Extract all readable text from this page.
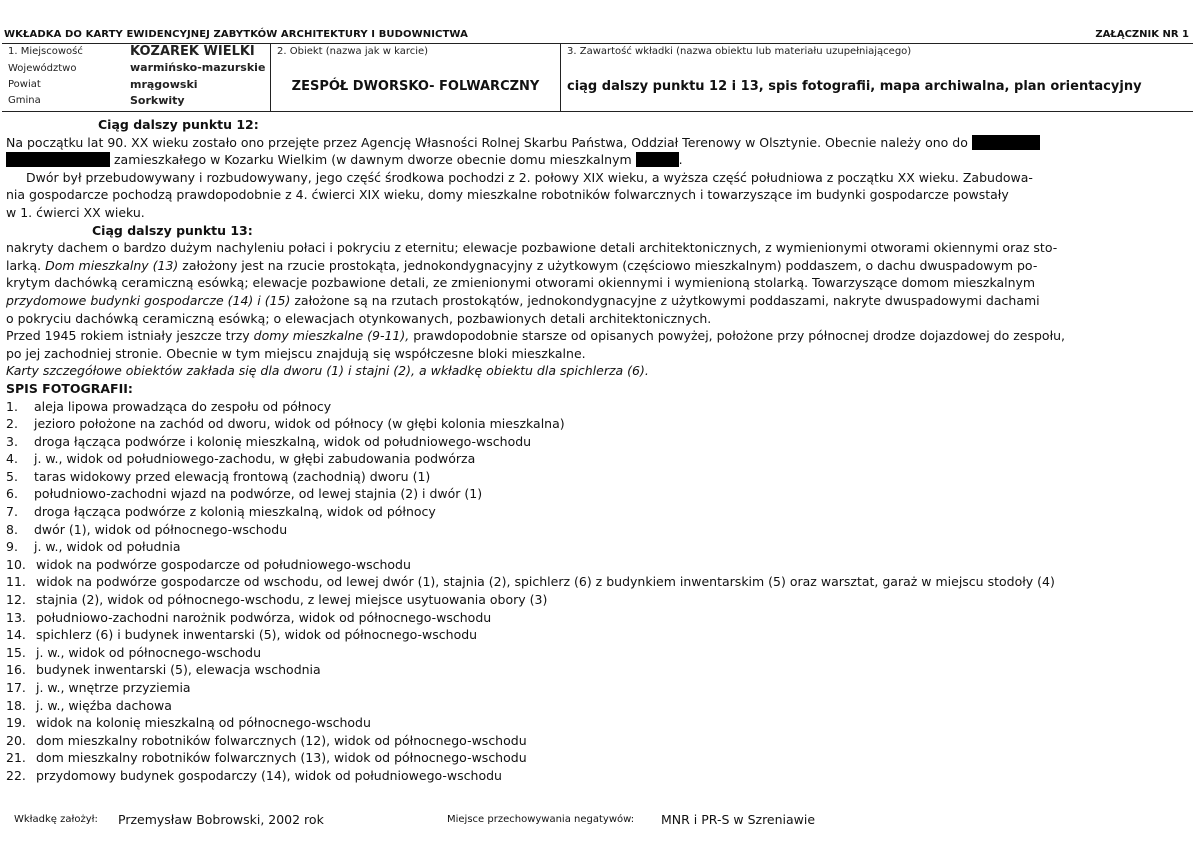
WKŁADKA DO KARTY EWIDENCYJNEJ ZABYTKÓW ARCHITEKTURY I BUDOWNICTWA	ZAŁĄCZNIK NR 1
1. Miejscowość	KOZAREK WIELKI
Województwo	warmińsko-mazurskie
Powiat	mrągowski
Gmina	Sorkwity
2. Obiekt (nazwa jak w karcie)
ZESPÓŁ DWORSKO- FOLWARCZNY
3. Zawartość wkładki (nazwa obiektu lub materiału uzupełniającego)
ciąg dalszy punktu 12 i 13, spis fotografii, mapa archiwalna, plan orientacyjny

Ciąg dalszy punktu 12:

Na początku lat 90. XX wieku zostało ono przejęte przez Agencję Własności Rolnej Skarbu Państwa, Oddział Terenowy w Olsztynie. Obecnie należy ono do

zamieszkałego w Kozarku Wielkim (w dawnym dworze obecnie domu mieszkalnym	.

Dwór był przebudowywany i rozbudowywany, jego część środkowa pochodzi z 2. połowy XIX wieku, a wyższa część południowa z początku XX wieku. Zabudowa-

nia gospodarcze pochodzą prawdopodobnie z 4. ćwierci XIX wieku, domy mieszkalne robotników folwarcznych i towarzyszące im budynki gospodarcze powstały

w 1. ćwierci XX wieku.

Ciąg dalszy punktu 13:

nakryty dachem o bardzo dużym nachyleniu połaci i pokryciu z eternitu; elewacje pozbawione detali architektonicznych, z wymienionymi otworami okiennymi oraz sto-

larką. Dom mieszkalny (13) założony jest na rzucie prostokąta, jednokondygnacyjny z użytkowym (częściowo mieszkalnym) poddaszem, o dachu dwuspadowym po-

krytym dachówką ceramiczną esówką; elewacje pozbawione detali, ze zmienionymi otworami okiennymi i wymienioną stolarką. Towarzyszące domom mieszkalnym

przydomowe budynki gospodarcze (14) i (15) założone są na rzutach prostokątów, jednokondygnacyjne z użytkowymi poddaszami, nakryte dwuspadowymi dachami

o pokryciu dachówką ceramiczną esówką; o elewacjach otynkowanych, pozbawionych detali architektonicznych.

Przed 1945 rokiem istniały jeszcze trzy domy mieszkalne (9-11), prawdopodobnie starsze od opisanych powyżej, położone przy północnej drodze dojazdowej do zespołu,

po jej zachodniej stronie. Obecnie w tym miejscu znajdują się współczesne bloki mieszkalne.

Karty szczegółowe obiektów zakłada się dla dworu (1) i stajni (2), a wkładkę obiektu dla spichlerza (6).

SPIS FOTOGRAFII:

1.	aleja lipowa prowadząca do zespołu od północy
2.	jezioro położone na zachód od dworu, widok od północy (w głębi kolonia mieszkalna)
3.	droga łącząca podwórze i kolonię mieszkalną, widok od południowego-wschodu
4.	j. w., widok od południowego-zachodu, w głębi zabudowania podwórza
5.	taras widokowy przed elewacją frontową (zachodnią) dworu (1)
6.	południowo-zachodni wjazd na podwórze, od lewej stajnia (2) i dwór (1)
7.	droga łącząca podwórze z kolonią mieszkalną, widok od północy
8.	dwór (1), widok od północnego-wschodu
9.	j. w., widok od południa
10. widok na podwórze gospodarcze od południowego-wschodu
11. widok na podwórze gospodarcze od wschodu, od lewej dwór (1), stajnia (2), spichlerz (6) z budynkiem inwentarskim (5) oraz warsztat, garaż w miejscu stodoły (4)
12. stajnia (2), widok od północnego-wschodu, z lewej miejsce usytuowania obory (3)
13. południowo-zachodni narożnik podwórza, widok od północnego-wschodu
14. spichlerz (6) i budynek inwentarski (5), widok od północnego-wschodu
15. j. w., widok od północnego-wschodu
16. budynek inwentarski (5), elewacja wschodnia
17. j. w., wnętrze przyziemia
18. j. w., więźba dachowa
19. widok na kolonię mieszkalną od północnego-wschodu
20. dom mieszkalny robotników folwarcznych (12), widok od północnego-wschodu
21. dom mieszkalny robotników folwarcznych (13), widok od północnego-wschodu
22. przydomowy budynek gospodarczy (14), widok od południowego-wschodu
Wkładkę założył: Przemysław Bobrowski, 2002 rok	Miejsce przechowywania negatywów: MNR i PR-S w Szreniawie
